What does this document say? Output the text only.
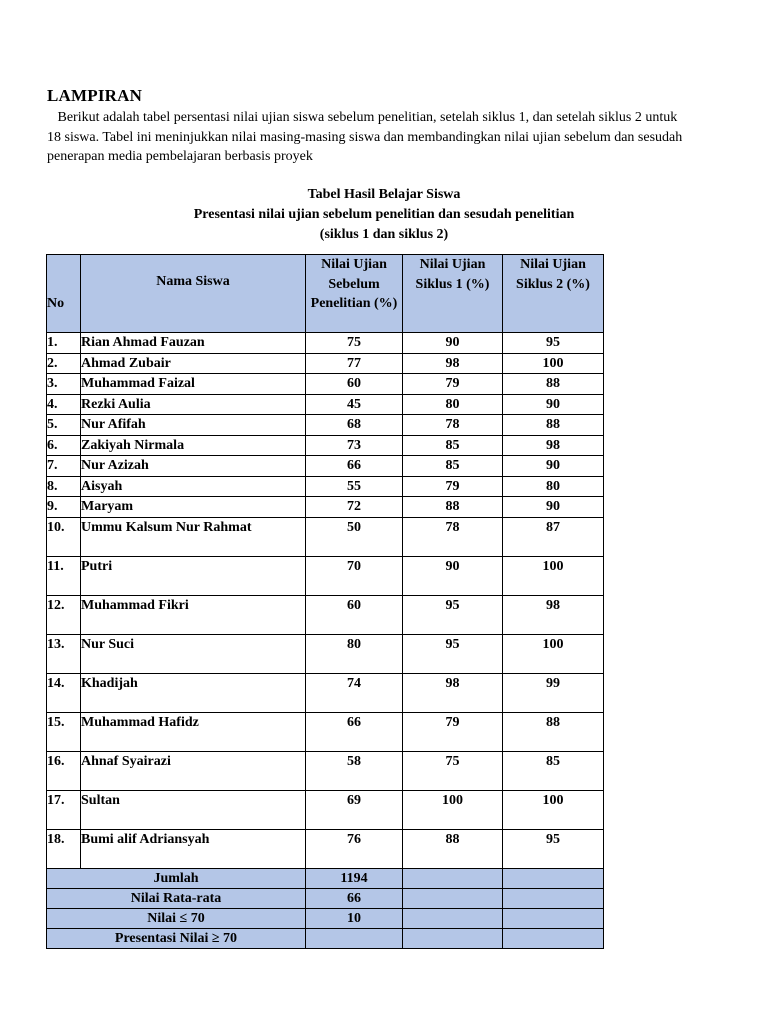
LAMPIRAN
Berikut adalah tabel persentasi nilai ujian siswa sebelum penelitian, setelah siklus 1, dan setelah siklus 2 untuk 18 siswa. Tabel ini meninjukkan nilai masing-masing siswa dan membandingkan nilai ujian sebelum dan sesudah penerapan media pembelajaran berbasis proyek
Tabel Hasil Belajar Siswa
Presentasi nilai ujian sebelum penelitian dan sesudah penelitian
(siklus 1 dan siklus 2)
No	Nama Siswa	Nilai Ujian Sebelum Penelitian (%)	Nilai Ujian Siklus 1 (%)	Nilai Ujian Siklus 2 (%)
1.	Rian Ahmad Fauzan	75	90	95
2.	Ahmad Zubair	77	98	100
3.	Muhammad Faizal	60	79	88
4.	Rezki Aulia	45	80	90
5.	Nur Afifah	68	78	88
6.	Zakiyah Nirmala	73	85	98
7.	Nur Azizah	66	85	90
8.	Aisyah	55	79	80
9.	Maryam	72	88	90
10.	Ummu Kalsum Nur Rahmat	50	78	87
11.	Putri	70	90	100
12.	Muhammad Fikri	60	95	98
13.	Nur Suci	80	95	100
14.	Khadijah	74	98	99
15.	Muhammad Hafidz	66	79	88
16.	Ahnaf Syairazi	58	75	85
17.	Sultan	69	100	100
18.	Bumi alif Adriansyah	76	88	95
Jumlah		1194		
Nilai Rata-rata		66		
Nilai ≤ 70		10		
Presentasi Nilai ≥ 70				
